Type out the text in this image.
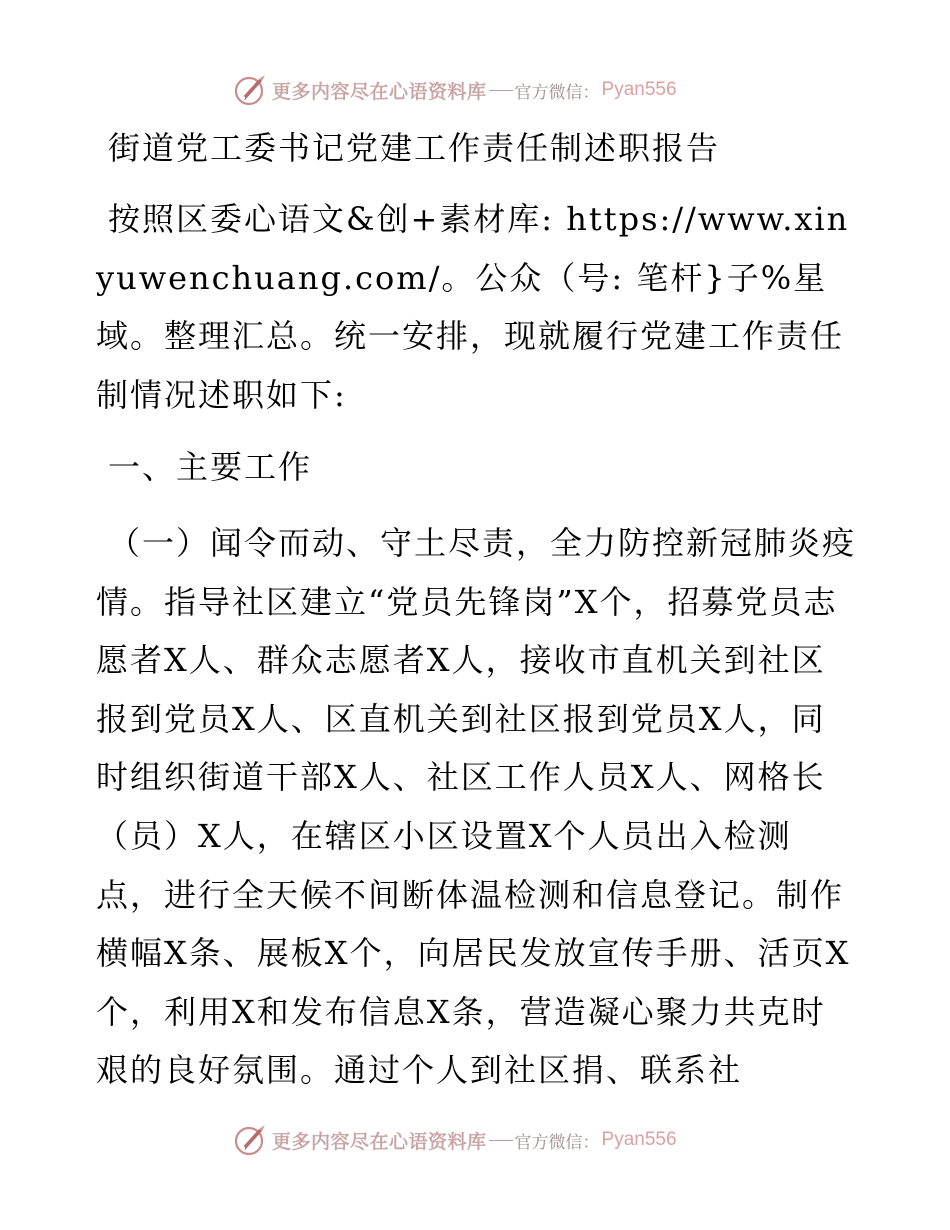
更多内容尽在心语资料库 官方微信： Pyan556
街道党工委书记党建工作责任制述职报告

按照区委心语文&创+素材库: https://www.xinyuwenchuang.com/。公众（号: 笔杆}子%星域。整理汇总。统一安排，现就履行党建工作责任制情况述职如下:

一、主要工作

（一）闻令而动、守土尽责，全力防控新冠肺炎疫情。指导社区建立“党员先锋岗”X个，招募党员志愿者X人、群众志愿者X人，接收市直机关到社区报到党员X人、区直机关到社区报到党员X人，同时组织街道干部X人、社区工作人员X人、网格长（员）X人，在辖区小区设置X个人员出入检测点，进行全天候不间断体温检测和信息登记。制作横幅X条、展板X个，向居民发放宣传手册、活页X个，利用X和发布信息X条，营造凝心聚力共克时艰的良好氛围。通过个人到社区捐、联系社

更多内容尽在心语资料库 官方微信： Pyan556
